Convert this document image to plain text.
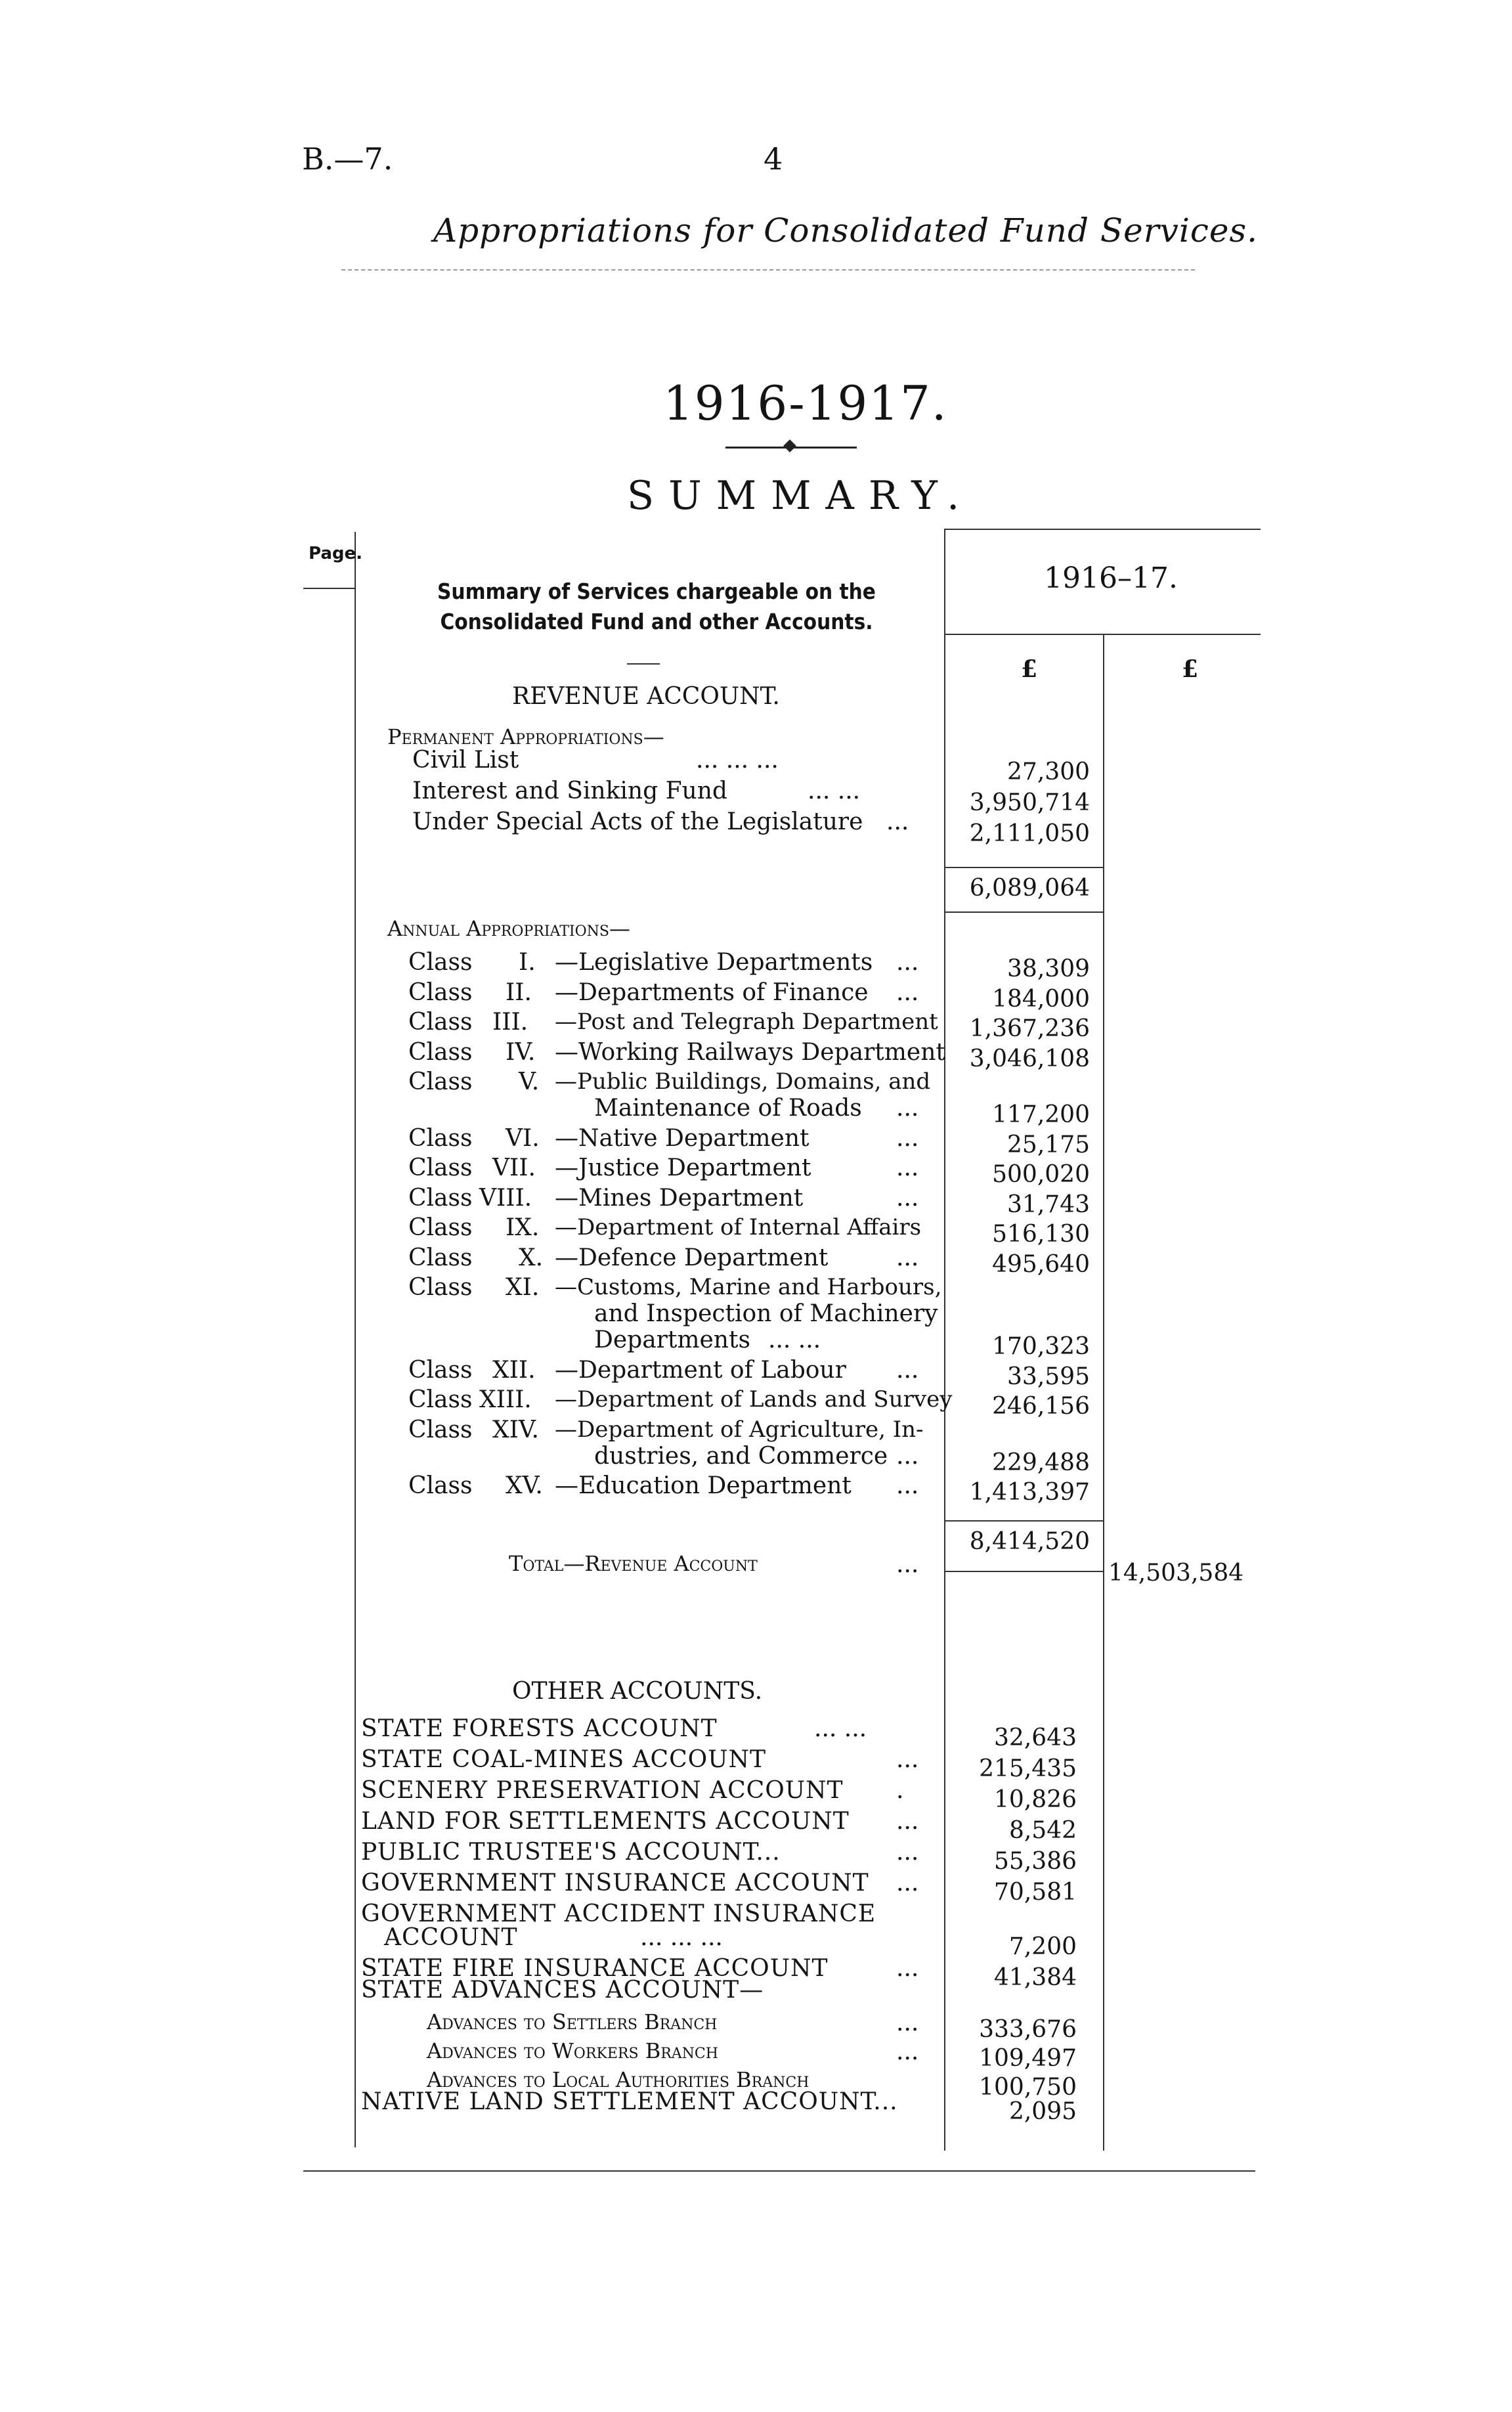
B.—7.	4
Appropriations for Consolidated Fund Services.
1916-1917.
SUMMARY.
Page.
Summary of Services chargeable on the Consolidated Fund and other Accounts.
1916–17.
£	£
REVENUE ACCOUNT.
Permanent Appropriations—
Civil List	... ... ...	27,300
Interest and Sinking Fund	... ...	3,950,714
Under Special Acts of the Legislature ...	2,111,050
6,089,064
Annual Appropriations—
Class I. —Legislative Departments ...	38,309
Class II. —Departments of Finance ...	184,000
Class III. —Post and Telegraph Department	1,367,236
Class IV. —Working Railways Department	3,046,108
Class V. —Public Buildings, Domains, and
Maintenance of Roads ...	117,200
Class VI. —Native Department	...	25,175
Class VII. —Justice Department	...	500,020
Class VIII. —Mines Department	...	31,743
Class IX. —Department of Internal Affairs	516,130
Class X. —Defence Department	...	495,640
Class XI. —Customs, Marine and Harbours,
and Inspection of Machinery
Departments ... ...	170,323
Class XII. —Department of Labour ...	33,595
Class XIII. —Department of Lands and Survey	246,156
Class XIV. —Department of Agriculture, In-
dustries, and Commerce ...	229,488
Class XV. —Education Department ...	1,413,397
8,414,520
Total—Revenue Account	...	14,503,584
OTHER ACCOUNTS.
STATE FORESTS ACCOUNT	... ...	32,643
STATE COAL-MINES ACCOUNT	...	215,435
SCENERY PRESERVATION ACCOUNT .	10,826
LAND FOR SETTLEMENTS ACCOUNT ...	8,542
PUBLIC TRUSTEE'S ACCOUNT...	...	55,386
GOVERNMENT INSURANCE ACCOUNT ...	70,581
GOVERNMENT ACCIDENT INSURANCE
ACCOUNT	... ... ...	7,200
STATE FIRE INSURANCE ACCOUNT	...	41,384
STATE ADVANCES ACCOUNT—
Advances to Settlers Branch	...	333,676
Advances to Workers Branch	...	109,497
Advances to Local Authorities Branch	100,750
NATIVE LAND SETTLEMENT ACCOUNT...	2,095
